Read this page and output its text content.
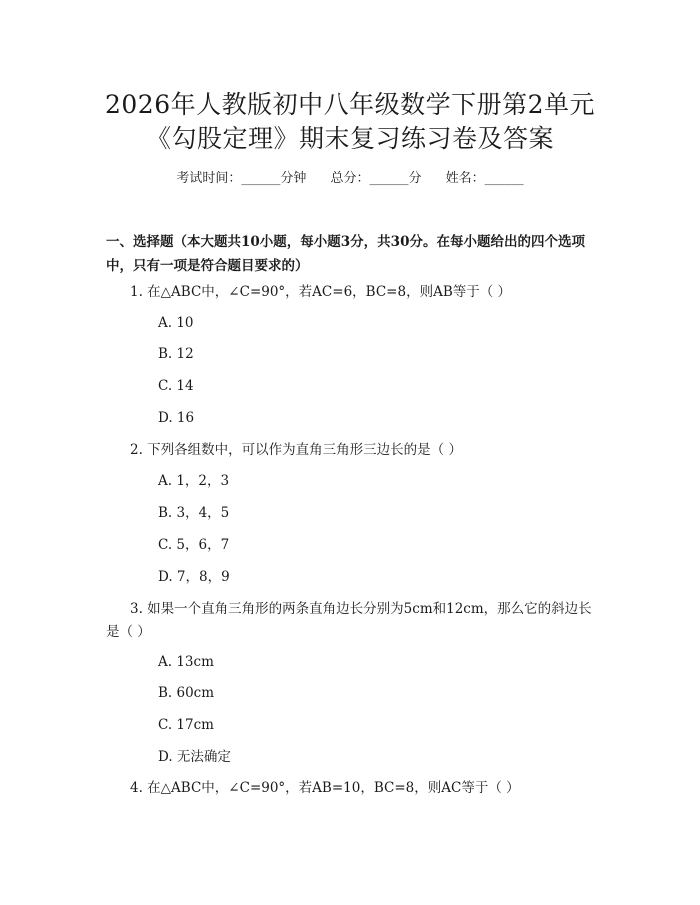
2026年人教版初中八年级数学下册第2单元
《勾股定理》期末复习练习卷及答案
考试时间：______分钟 总分：______分 姓名：______
一、选择题（本大题共10小题，每小题3分，共30分。在每小题给出的四个选项中，只有一项是符合题目要求的）
1. 在△ABC中，∠C=90°，若AC=6，BC=8，则AB等于（ ）
A. 10
B. 12
C. 14
D. 16
2. 下列各组数中，可以作为直角三角形三边长的是（ ）
A. 1，2，3
B. 3，4，5
C. 5，6，7
D. 7，8，9
3. 如果一个直角三角形的两条直角边长分别为5cm和12cm，那么它的斜边长是（ ）
A. 13cm
B. 60cm
C. 17cm
D. 无法确定
4. 在△ABC中，∠C=90°，若AB=10，BC=8，则AC等于（ ）
